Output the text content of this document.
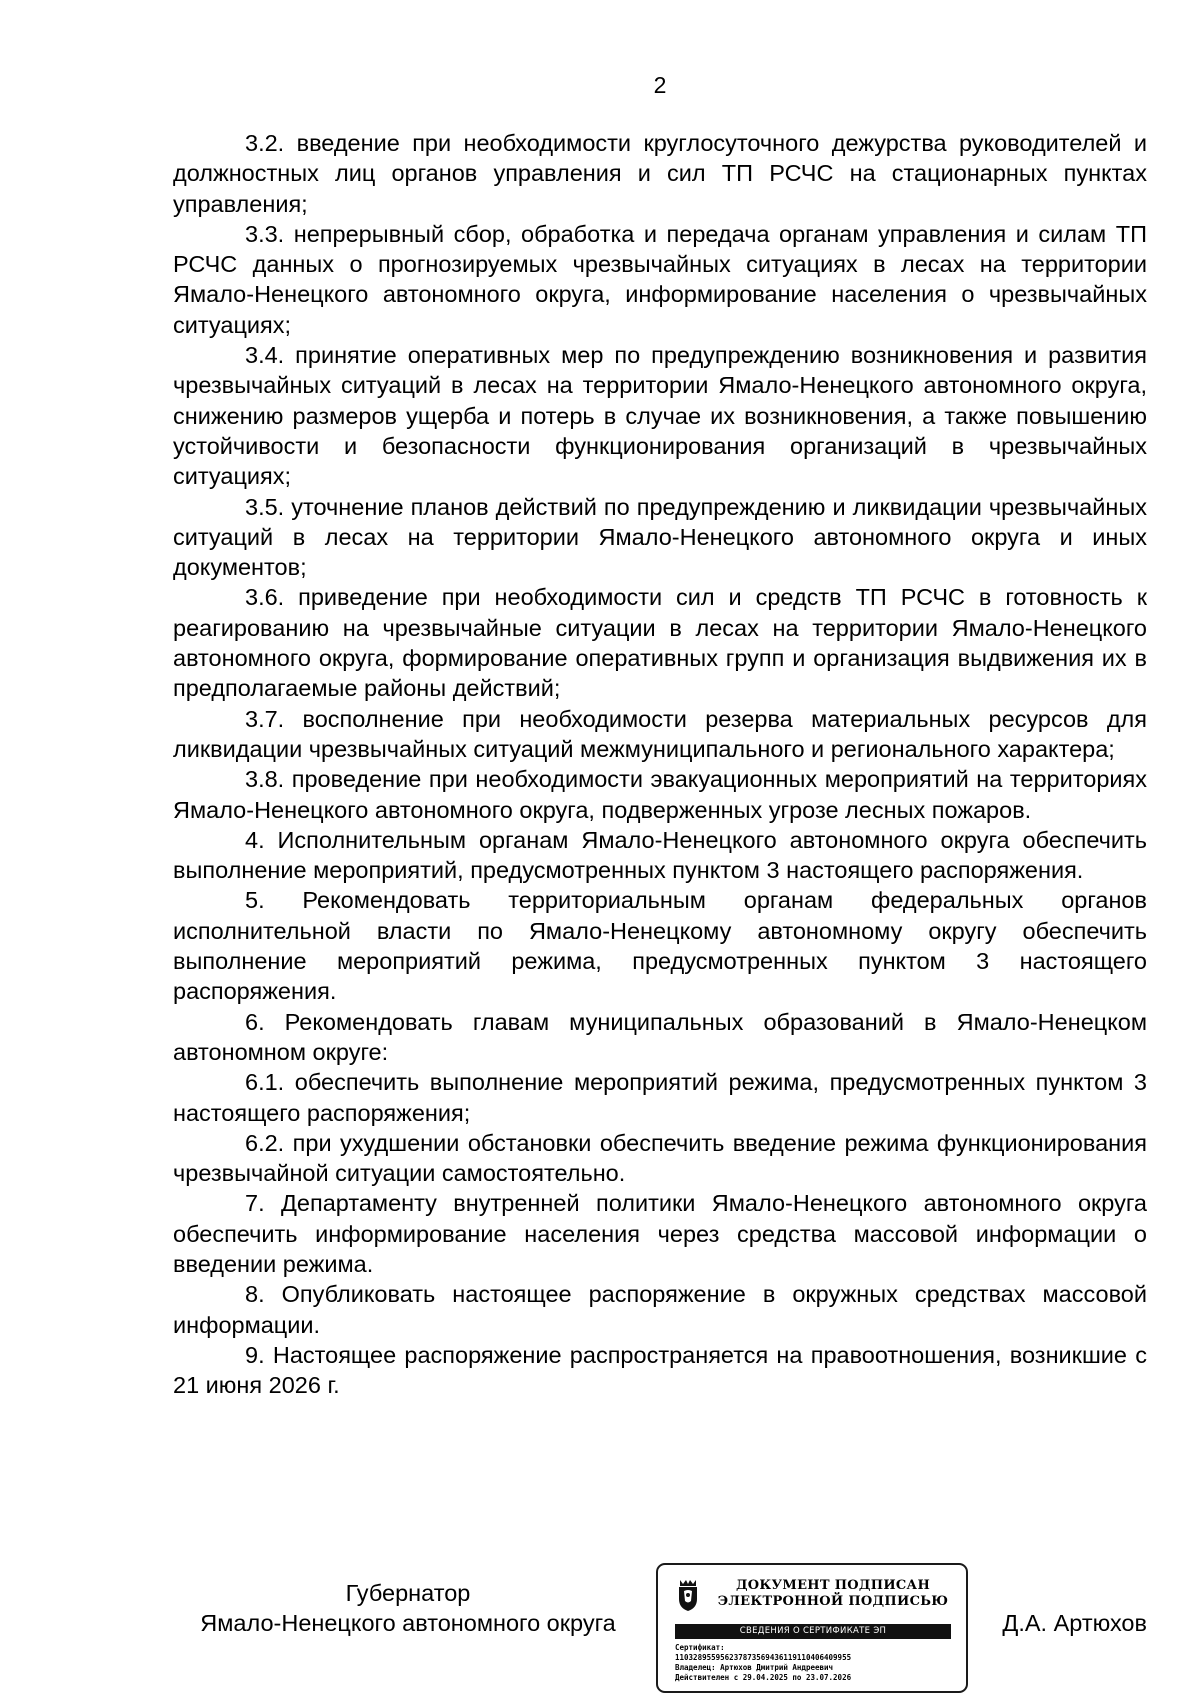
2

3.2. введение при необходимости круглосуточного дежурства руководителей и должностных лиц органов управления и сил ТП РСЧС на стационарных пунктах управления;

3.3. непрерывный сбор, обработка и передача органам управления и силам ТП РСЧС данных о прогнозируемых чрезвычайных ситуациях в лесах на территории Ямало-Ненецкого автономного округа, информирование населения о чрезвычайных ситуациях;

3.4. принятие оперативных мер по предупреждению возникновения и развития чрезвычайных ситуаций в лесах на территории Ямало-Ненецкого автономного округа, снижению размеров ущерба и потерь в случае их возникновения, а также повышению устойчивости и безопасности функционирования организаций в чрезвычайных ситуациях;

3.5. уточнение планов действий по предупреждению и ликвидации чрезвычайных ситуаций в лесах на территории Ямало-Ненецкого автономного округа и иных документов;

3.6. приведение при необходимости сил и средств ТП РСЧС в готовность к реагированию на чрезвычайные ситуации в лесах на территории Ямало-Ненецкого автономного округа, формирование оперативных групп и организация выдвижения их в предполагаемые районы действий;

3.7. восполнение при необходимости резерва материальных ресурсов для ликвидации чрезвычайных ситуаций межмуниципального и регионального характера;

3.8. проведение при необходимости эвакуационных мероприятий на территориях Ямало-Ненецкого автономного округа, подверженных угрозе лесных пожаров.

4. Исполнительным органам Ямало-Ненецкого автономного округа обеспечить выполнение мероприятий, предусмотренных пунктом 3 настоящего распоряжения.

5. Рекомендовать территориальным органам федеральных органов исполнительной власти по Ямало-Ненецкому автономному округу обеспечить выполнение мероприятий режима, предусмотренных пунктом 3 настоящего распоряжения.

6. Рекомендовать главам муниципальных образований в Ямало-Ненецком автономном округе:

6.1. обеспечить выполнение мероприятий режима, предусмотренных пунктом 3 настоящего распоряжения;

6.2. при ухудшении обстановки обеспечить введение режима функционирования чрезвычайной ситуации самостоятельно.

7. Департаменту внутренней политики Ямало-Ненецкого автономного округа обеспечить информирование населения через средства массовой информации о введении режима.

8. Опубликовать настоящее распоряжение в окружных средствах массовой информации.

9. Настоящее распоряжение распространяется на правоотношения, возникшие с 21 июня 2026 г.

Губернатор
Ямало-Ненецкого автономного округа	Д.А. Артюхов
ДОКУМЕНТ ПОДПИСАН
ЭЛЕКТРОННОЙ ПОДПИСЬЮ
СВЕДЕНИЯ О СЕРТИФИКАТЕ ЭП
Сертификат:
110328955956237873569436119110406409955
Владелец: Артюхов Дмитрий Андреевич
Действителен с 29.04.2025 по 23.07.2026
